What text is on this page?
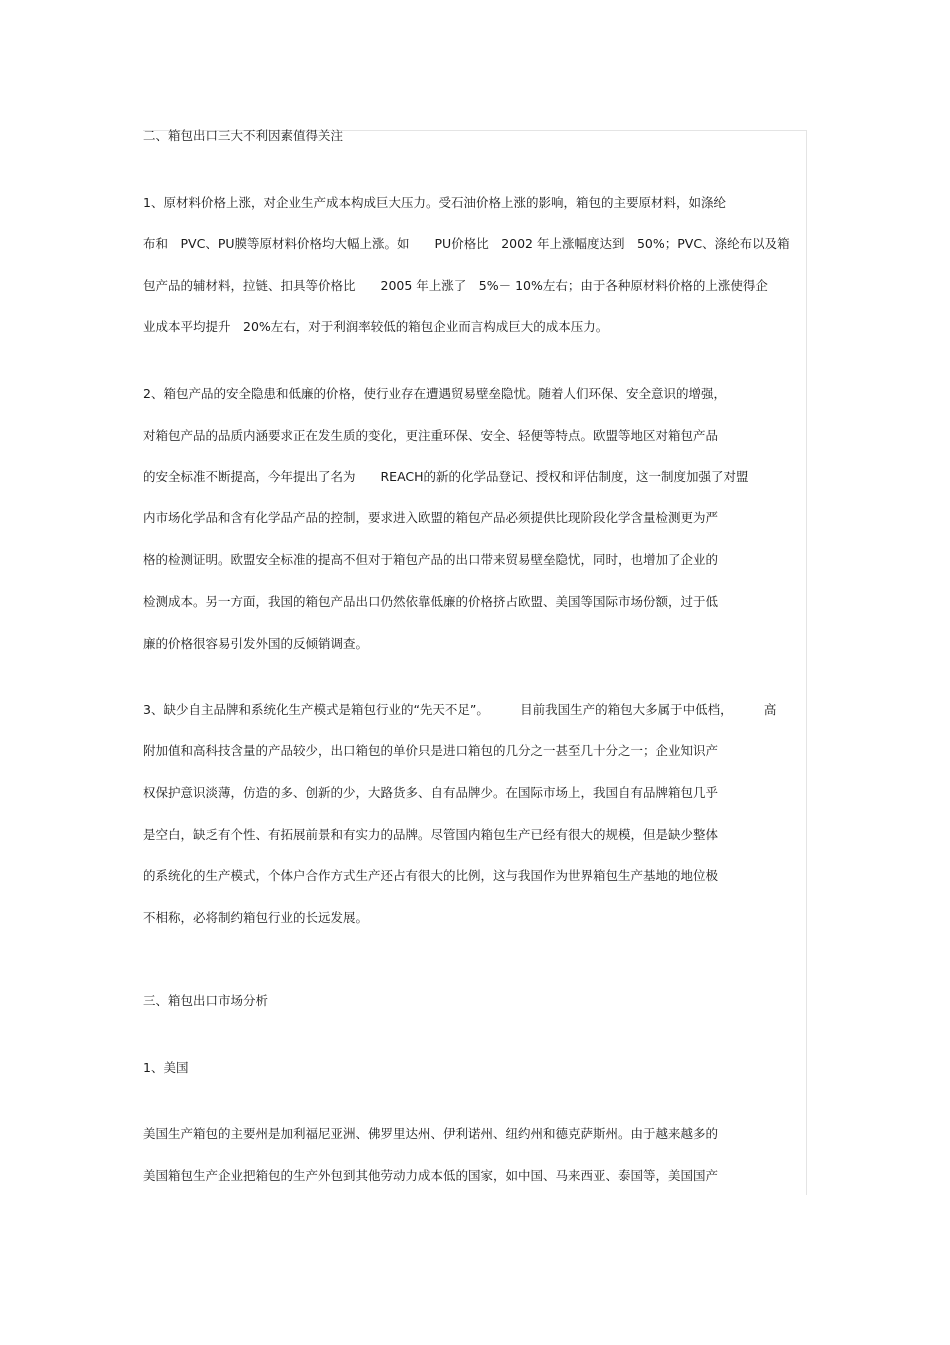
二、箱包出口三大不利因素值得关注
1、原材料价格上涨，对企业生产成本构成巨大压力。受石油价格上涨的影响，箱包的主要原材料，如涤纶
布和　PVC、PU膜等原材料价格均大幅上涨。如　　PU价格比　2002 年上涨幅度达到　50%；PVC、涤纶布以及箱
包产品的辅材料，拉链、扣具等价格比　　2005 年上涨了　5%－ 10%左右；由于各种原材料价格的上涨使得企
业成本平均提升　20%左右，对于利润率较低的箱包企业而言构成巨大的成本压力。
2、箱包产品的安全隐患和低廉的价格，使行业存在遭遇贸易壁垒隐忧。随着人们环保、安全意识的增强，
对箱包产品的品质内涵要求正在发生质的变化，更注重环保、安全、轻便等特点。欧盟等地区对箱包产品
的安全标准不断提高，今年提出了名为　　REACH的新的化学品登记、授权和评估制度，这一制度加强了对盟
内市场化学品和含有化学品产品的控制，要求进入欧盟的箱包产品必须提供比现阶段化学含量检测更为严
格的检测证明。欧盟安全标准的提高不但对于箱包产品的出口带来贸易壁垒隐忧，同时，也增加了企业的
检测成本。另一方面，我国的箱包产品出口仍然依靠低廉的价格挤占欧盟、美国等国际市场份额，过于低
廉的价格很容易引发外国的反倾销调查。
3、缺少自主品牌和系统化生产模式是箱包行业的“先天不足”。　　　目前我国生产的箱包大多属于中低档，　　　高
附加值和高科技含量的产品较少，出口箱包的单价只是进口箱包的几分之一甚至几十分之一；企业知识产
权保护意识淡薄，仿造的多、创新的少，大路货多、自有品牌少。在国际市场上，我国自有品牌箱包几乎
是空白，缺乏有个性、有拓展前景和有实力的品牌。尽管国内箱包生产已经有很大的规模，但是缺少整体
的系统化的生产模式，个体户合作方式生产还占有很大的比例，这与我国作为世界箱包生产基地的地位极
不相称，必将制约箱包行业的长远发展。
三、箱包出口市场分析
1、美国
美国生产箱包的主要州是加利福尼亚洲、佛罗里达州、伊利诺州、纽约州和德克萨斯州。由于越来越多的
美国箱包生产企业把箱包的生产外包到其他劳动力成本低的国家，如中国、马来西亚、泰国等，美国国产
